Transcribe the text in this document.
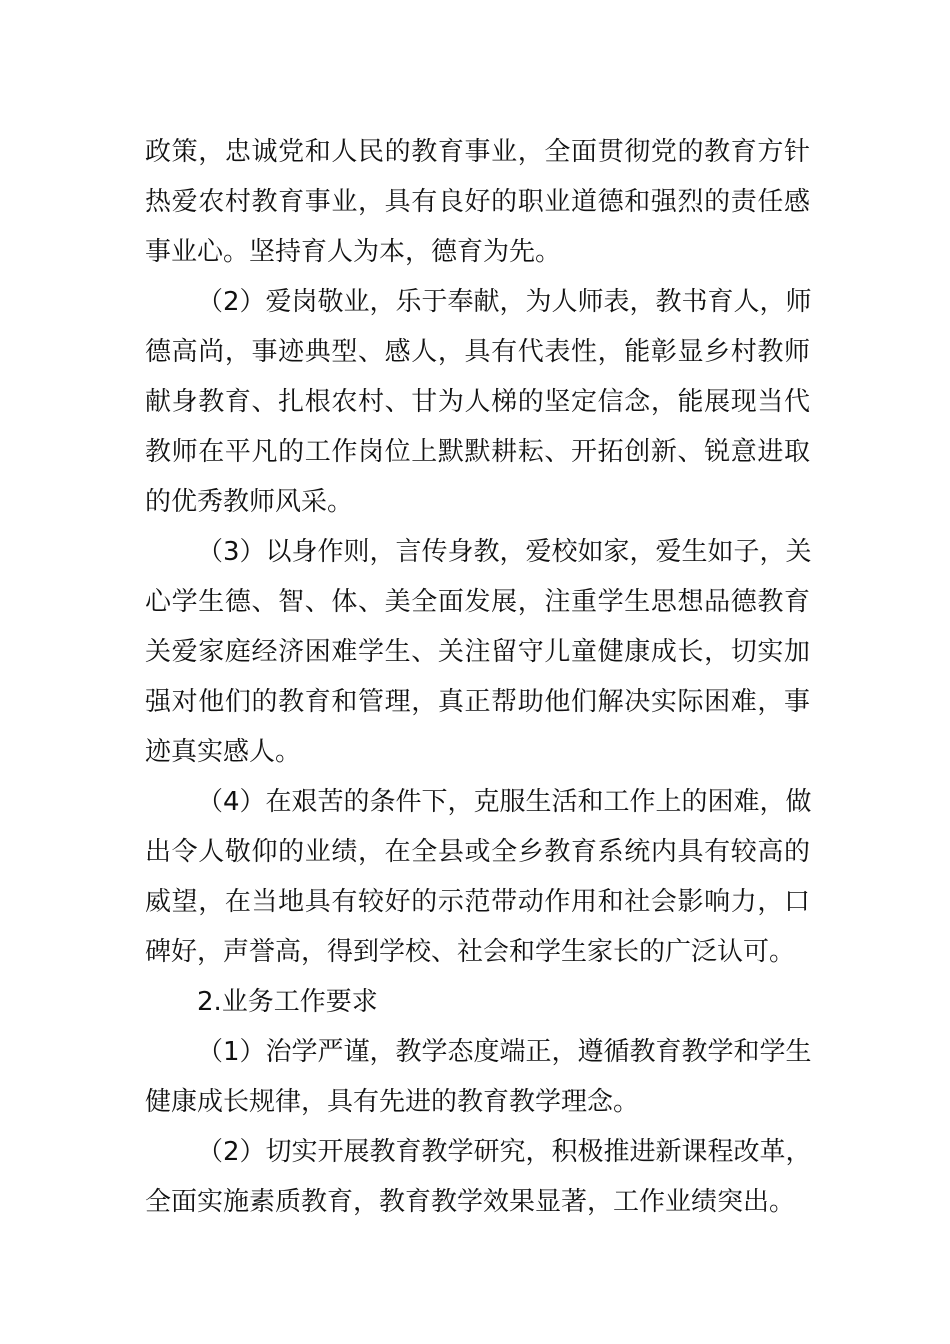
政策，忠诚党和人民的教育事业，全面贯彻党的教育方针
热爱农村教育事业，具有良好的职业道德和强烈的责任感
事业心。坚持育人为本，德育为先。
（2）爱岗敬业，乐于奉献，为人师表，教书育人，师
德高尚，事迹典型、感人，具有代表性，能彰显乡村教师
献身教育、扎根农村、甘为人梯的坚定信念，能展现当代
教师在平凡的工作岗位上默默耕耘、开拓创新、锐意进取
的优秀教师风采。
（3）以身作则，言传身教，爱校如家，爱生如子，关
心学生德、智、体、美全面发展，注重学生思想品德教育
关爱家庭经济困难学生、关注留守儿童健康成长，切实加
强对他们的教育和管理，真正帮助他们解决实际困难，事
迹真实感人。
（4）在艰苦的条件下，克服生活和工作上的困难，做
出令人敬仰的业绩，在全县或全乡教育系统内具有较高的
威望，在当地具有较好的示范带动作用和社会影响力，口
碑好，声誉高，得到学校、社会和学生家长的广泛认可。
2.业务工作要求
（1）治学严谨，教学态度端正，遵循教育教学和学生
健康成长规律，具有先进的教育教学理念。
（2）切实开展教育教学研究，积极推进新课程改革，
全面实施素质教育，教育教学效果显著，工作业绩突出。
